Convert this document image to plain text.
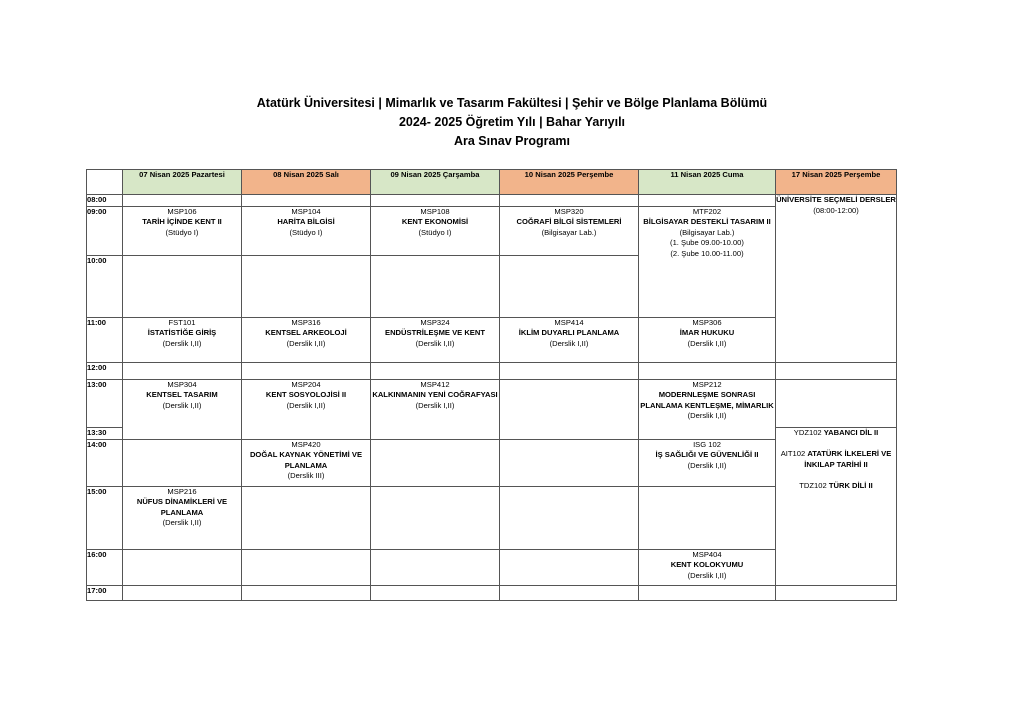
Atatürk Üniversitesi | Mimarlık ve Tasarım Fakültesi | Şehir ve Bölge Planlama Bölümü
2024- 2025 Öğretim Yılı | Bahar Yarıyılı
Ara Sınav Programı
	07 Nisan 2025 Pazartesi	08 Nisan 2025 Salı	09 Nisan 2025 Çarşamba	10 Nisan 2025 Perşembe	11 Nisan 2025 Cuma	17 Nisan 2025 Perşembe	
08:00						ÜNİVERSİTE SEÇMELİ DERSLER
(08:00-12:00)	

09:00	MSP106
TARİH İÇİNDE KENT II
(Stüdyo I)	MSP104
HARİTA BİLGİSİ
(Stüdyo I)	MSP108
KENT EKONOMİSİ
(Stüdyo I)	MSP320
COĞRAFİ BİLGİ SİSTEMLERİ
(Bilgisayar Lab.)	MTF202
BİLGİSAYAR DESTEKLİ TASARIM II
(Bilgisayar Lab.)
(1. Şube 09.00-10.00)
(2. Şube 10.00-11.00)		

10:00							
11:00	FST101
İSTATİSTİĞE GİRİŞ
(Derslik I,II)	MSP316
KENTSEL ARKEOLOJİ
(Derslik I,II)	MSP324
ENDÜSTRİLEŞME VE KENT
(Derslik I,II)	MSP414
İKLİM DUYARLI PLANLAMA
(Derslik I,II)	MSP306
İMAR HUKUKU
(Derslik I,II)		

12:00							
13:00	MSP304
KENTSEL TASARIM
(Derslik I,II)	MSP204
KENT SOSYOLOJİSİ II
(Derslik I,II)	MSP412
KALKINMANIN YENİ COĞRAFYASI
(Derslik I,II)		MSP212
MODERNLEŞME SONRASI PLANLAMA KENTLEŞME, MİMARLIK
(Derslik I,II)		

13:30						YDZ102 YABANCI DİL II
AIT102 ATATÜRK İLKELERİ VE İNKILAP TARİHİ II
TDZ102 TÜRK DİLİ II	

14:00		MSP420
DOĞAL KAYNAK YÖNETİMİ VE PLANLAMA
(Derslik III)			ISG 102
İŞ SAĞLIĞI VE GÜVENLİĞİ II
(Derslik I,II)		

15:00	MSP216
NÜFUS DİNAMİKLERİ VE PLANLAMA
(Derslik I,II)						

16:00					MSP404
KENT KOLOKYUMU
(Derslik I,II)		

17:00							
